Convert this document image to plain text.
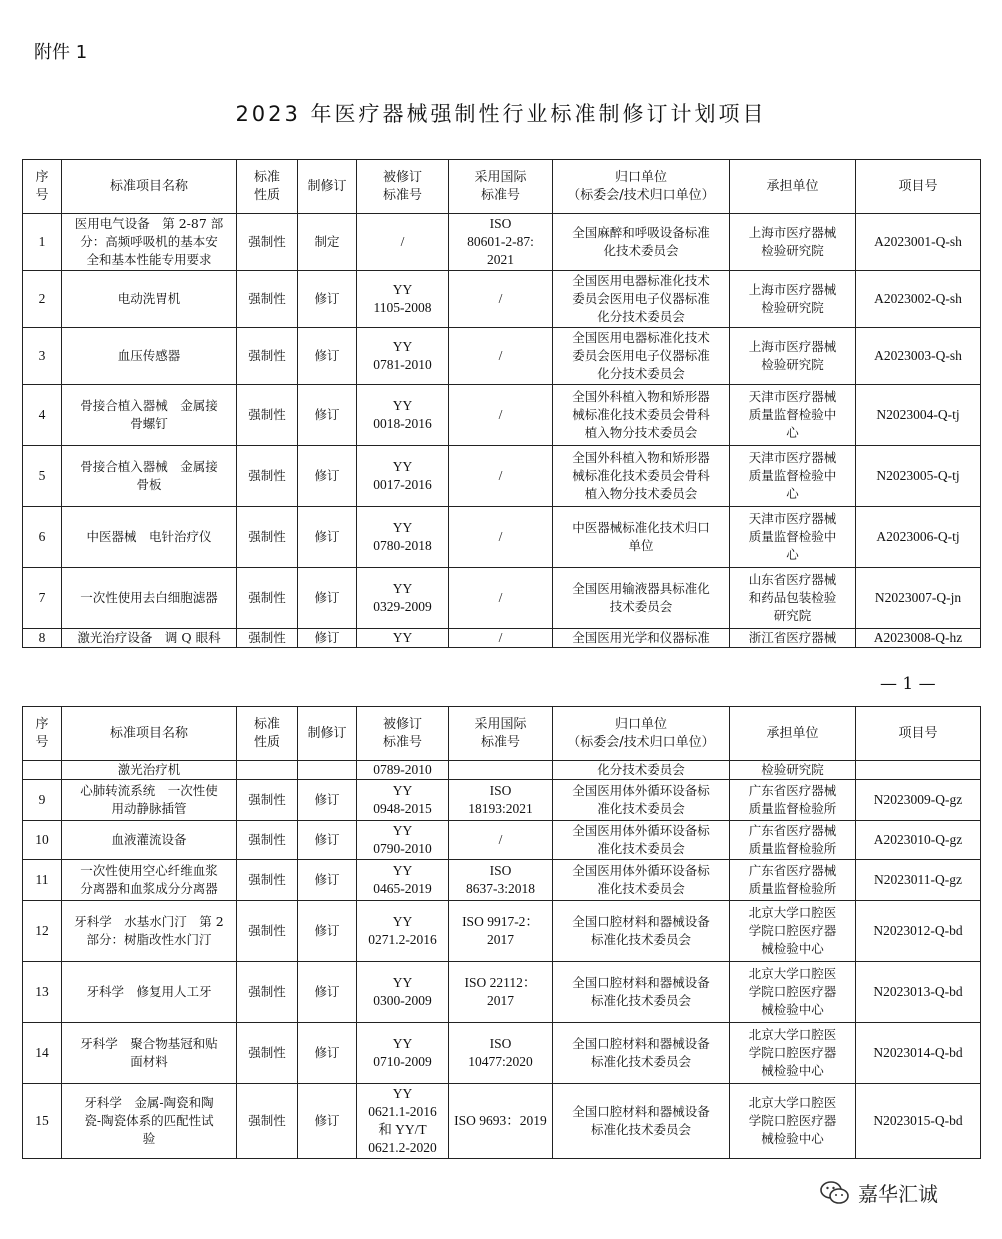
附件 1
2023 年医疗器械强制性行业标准制修订计划项目
序
号	标准项目名称	标准
性质	制修订	被修订
标准号	采用国际
标准号	归口单位
（标委会/技术归口单位）	承担单位	项目号
1	医用电气设备　第 2-87 部
分：高频呼吸机的基本安
全和基本性能专用要求	强制性	制定	/	ISO
80601-2-87:
2021	全国麻醉和呼吸设备标准
化技术委员会	上海市医疗器械
检验研究院	A2023001-Q-sh
2	电动洗胃机	强制性	修订	YY
1105-2008	/	全国医用电器标准化技术
委员会医用电子仪器标准
化分技术委员会	上海市医疗器械
检验研究院	A2023002-Q-sh
3	血压传感器	强制性	修订	YY
0781-2010	/	全国医用电器标准化技术
委员会医用电子仪器标准
化分技术委员会	上海市医疗器械
检验研究院	A2023003-Q-sh
4	骨接合植入器械　金属接
骨螺钉	强制性	修订	YY
0018-2016	/	全国外科植入物和矫形器
械标准化技术委员会骨科
植入物分技术委员会	天津市医疗器械
质量监督检验中
心	N2023004-Q-tj
5	骨接合植入器械　金属接
骨板	强制性	修订	YY
0017-2016	/	全国外科植入物和矫形器
械标准化技术委员会骨科
植入物分技术委员会	天津市医疗器械
质量监督检验中
心	N2023005-Q-tj
6	中医器械　电针治疗仪	强制性	修订	YY
0780-2018	/	中医器械标准化技术归口
单位	天津市医疗器械
质量监督检验中
心	A2023006-Q-tj
7	一次性使用去白细胞滤器	强制性	修订	YY
0329-2009	/	全国医用输液器具标准化
技术委员会	山东省医疗器械
和药品包装检验
研究院	N2023007-Q-jn
8	激光治疗设备　调 Q 眼科	强制性	修订	YY	/	全国医用光学和仪器标准	浙江省医疗器械	A2023008-Q-hz
— 1 —
序
号	标准项目名称	标准
性质	制修订	被修订
标准号	采用国际
标准号	归口单位
（标委会/技术归口单位）	承担单位	项目号
	激光治疗机			0789-2010		化分技术委员会	检验研究院	
9	心肺转流系统　一次性使
用动静脉插管	强制性	修订	YY
0948-2015	ISO
18193:2021	全国医用体外循环设备标
准化技术委员会	广东省医疗器械
质量监督检验所	N2023009-Q-gz
10	血液灌流设备	强制性	修订	YY
0790-2010	/	全国医用体外循环设备标
准化技术委员会	广东省医疗器械
质量监督检验所	A2023010-Q-gz
11	一次性使用空心纤维血浆
分离器和血浆成分分离器	强制性	修订	YY
0465-2019	ISO
8637-3:2018	全国医用体外循环设备标
准化技术委员会	广东省医疗器械
质量监督检验所	N2023011-Q-gz
12	牙科学　水基水门汀　第 2
部分：树脂改性水门汀	强制性	修订	YY
0271.2-2016	ISO 9917-2：
2017	全国口腔材料和器械设备
标准化技术委员会	北京大学口腔医
学院口腔医疗器
械检验中心	N2023012-Q-bd
13	牙科学　修复用人工牙	强制性	修订	YY
0300-2009	ISO 22112：
2017	全国口腔材料和器械设备
标准化技术委员会	北京大学口腔医
学院口腔医疗器
械检验中心	N2023013-Q-bd
14	牙科学　聚合物基冠和贴
面材料	强制性	修订	YY
0710-2009	ISO
10477:2020	全国口腔材料和器械设备
标准化技术委员会	北京大学口腔医
学院口腔医疗器
械检验中心	N2023014-Q-bd
15	牙科学　金属-陶瓷和陶
瓷-陶瓷体系的匹配性试
验	强制性	修订	YY
0621.1-2016
和 YY/T
0621.2-2020	ISO 9693：2019	全国口腔材料和器械设备
标准化技术委员会	北京大学口腔医
学院口腔医疗器
械检验中心	N2023015-Q-bd
嘉华汇诚
